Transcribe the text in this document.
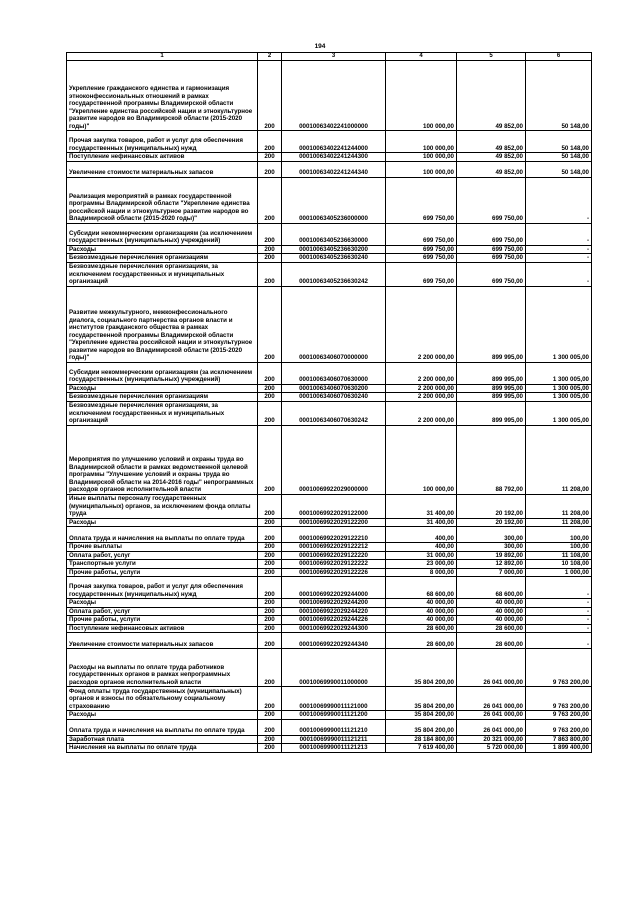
194
1	2	3	4	5	6
Укрепление гражданского единства и гармонизация этноконфессиональных отношений в рамках государственной программы Владимирской области "Укрепление единства российской нации и этнокультурное развитие народов во Владимирской области (2015-2020 годы)"	200	00010063402241000000	100 000,00	49 852,00	50 148,00
Прочая закупка товаров, работ и услуг для обеспечения государственных (муниципальных) нужд	200	00010063402241244000	100 000,00	49 852,00	50 148,00
Поступление нефинансовых активов	200	00010063402241244300	100 000,00	49 852,00	50 148,00
Увеличение стоимости материальных запасов	200	00010063402241244340	100 000,00	49 852,00	50 148,00
Реализация мероприятий в рамках государственной программы Владимирской области "Укрепление единства российской нации и этнокультурное развитие народов во Владимирской области (2015-2020 годы)"	200	00010063405236000000	699 750,00	699 750,00	-
Субсидии некоммерческим организациям (за исключением государственных (муниципальных) учреждений)	200	00010063405236630000	699 750,00	699 750,00	-
Расходы	200	00010063405236630200	699 750,00	699 750,00	-
Безвозмездные перечисления организациям	200	00010063405236630240	699 750,00	699 750,00	-
Безвозмездные перечисления организациям, за исключением государственных и муниципальных организаций	200	00010063405236630242	699 750,00	699 750,00	-
Развитие межкультурного, межконфессионального диалога, социального партнерства органов власти и институтов гражданского общества в рамках государственной программы Владимирской области "Укрепление единства российской нации и этнокультурное развитие народов во Владимирской области (2015-2020 годы)"	200	00010063406070000000	2 200 000,00	899 995,00	1 300 005,00
Субсидии некоммерческим организациям (за исключением государственных (муниципальных) учреждений)	200	00010063406070630000	2 200 000,00	899 995,00	1 300 005,00
Расходы	200	00010063406070630200	2 200 000,00	899 995,00	1 300 005,00
Безвозмездные перечисления организациям	200	00010063406070630240	2 200 000,00	899 995,00	1 300 005,00
Безвозмездные перечисления организациям, за исключением государственных и муниципальных организаций	200	00010063406070630242	2 200 000,00	899 995,00	1 300 005,00
Мероприятия по улучшению условий и охраны труда во Владимирской области в рамках ведомственной целевой программы "Улучшение условий и охраны труда во Владимирской области на 2014-2016 годы" непрограммных расходов органов исполнительной власти	200	00010069922029000000	100 000,00	88 792,00	11 208,00
Иные выплаты персоналу государственных (муниципальных) органов, за исключением фонда оплаты труда	200	00010069922029122000	31 400,00	20 192,00	11 208,00
Расходы	200	00010069922029122200	31 400,00	20 192,00	11 208,00
Оплата труда и начисления на выплаты по оплате труда	200	00010069922029122210	400,00	300,00	100,00
Прочие выплаты	200	00010069922029122212	400,00	300,00	100,00
Оплата работ, услуг	200	00010069922029122220	31 000,00	19 892,00	11 108,00
Транспортные услуги	200	00010069922029122222	23 000,00	12 892,00	10 108,00
Прочие работы, услуги	200	00010069922029122226	8 000,00	7 000,00	1 000,00
Прочая закупка товаров, работ и услуг для обеспечения государственных (муниципальных) нужд	200	00010069922029244000	68 600,00	68 600,00	-
Расходы	200	00010069922029244200	40 000,00	40 000,00	-
Оплата работ, услуг	200	00010069922029244220	40 000,00	40 000,00	-
Прочие работы, услуги	200	00010069922029244226	40 000,00	40 000,00	-
Поступление нефинансовых активов	200	00010069922029244300	28 600,00	28 600,00	-
Увеличение стоимости материальных запасов	200	00010069922029244340	28 600,00	28 600,00	-
Расходы на выплаты по оплате труда работников государственных органов в рамках непрограммных расходов органов исполнительной власти	200	00010069990011000000	35 804 200,00	26 041 000,00	9 763 200,00
Фонд оплаты труда государственных (муниципальных) органов и взносы по обязательному социальному страхованию	200	00010069990011121000	35 804 200,00	26 041 000,00	9 763 200,00
Расходы	200	00010069990011121200	35 804 200,00	26 041 000,00	9 763 200,00
Оплата труда и начисления на выплаты по оплате труда	200	00010069990011121210	35 804 200,00	26 041 000,00	9 763 200,00
Заработная плата	200	00010069990011121211	28 184 800,00	20 321 000,00	7 863 800,00
Начисления на выплаты по оплате труда	200	00010069990011121213	7 619 400,00	5 720 000,00	1 899 400,00
